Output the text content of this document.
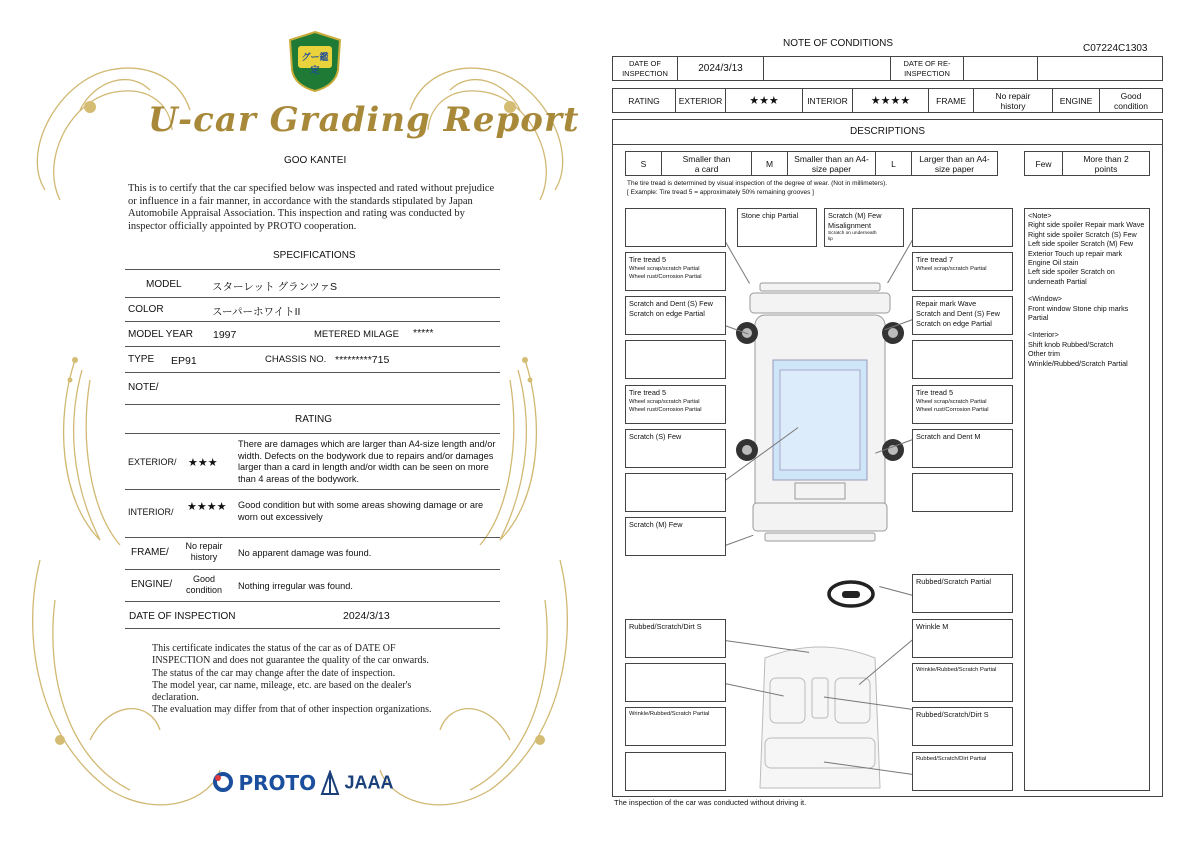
グー鑑定
U-car Grading Report
GOO KANTEI
This is to certify that the car specified below was inspected and rated without prejudice or influence in a fair manner, in accordance with the standards stipulated by Japan Automobile Appraisal Association. This inspection and rating was conducted by inspector officially appointed by PROTO cooperation.
SPECIFICATIONS
MODEL	スターレット グランツァS
COLOR	スーパーホワイトII
MODEL YEAR 1997	METERED MILAGE *****
TYPE EP91	CHASSIS NO. *********715
NOTE/
RATING
EXTERIOR/ ★★★
There are damages which are larger than A4-size length and/or width. Defects on the bodywork due to repairs and/or damages larger than a card in length and/or width can be seen on more than 4 areas of the bodywork.
INTERIOR/ ★★★★ Good condition but with some areas showing damage or are worn out excessively
FRAME/
No repair history	No apparent damage was found.
ENGINE/	Good condition	Nothing irregular was found.
DATE OF INSPECTION	2024/3/13
This certificate indicates the status of the car as of DATE OF
INSPECTION and does not guarantee the quality of the car onwards.
The status of the car may change after the date of inspection.
The model year, car name, mileage, etc. are based on the dealer's
declaration.
The evaluation may differ from that of other inspection organizations.
PROTO	JAAA
NOTE OF CONDITIONS	C07224C1303
DATE OF INSPECTION	2024/3/13	DATE OF RE-INSPECTION
RATING EXTERIOR ★★★	INTERIOR ★★★★	FRAME	No repair history	ENGINE	Good condition
DESCRIPTIONS
S	Smaller than a card	M	Smaller than an A4-size paper	L	Larger than an A4-size paper	Few	More than 2 points
The tire tread is determined by visual inspection of the degree of wear. (Not in millimeters).
[ Example: Tire tread 5 = approximately 50% remaining grooves ]
Tire tread 5
Wheel scrap/scratch Partial
Wheel rust/Corrosion Partial
Scratch and Dent (S) Few
Scratch on edge Partial
Tire tread 5
Wheel scrap/scratch Partial
Wheel rust/Corrosion Partial
Scratch (S) Few
Scratch (M) Few
Stone chip Partial	Scratch (M) Few
Misalignment
Scratch on underneath
lip
Tire tread 7
Wheel scrap/scratch Partial
Repair mark Wave
Scratch and Dent (S) Few
Scratch on edge Partial
Tire tread 5
Wheel scrap/scratch Partial
Wheel rust/Corrosion Partial
Scratch and Dent M
Rubbed/Scratch Partial
Rubbed/Scratch/Dirt S	Wrinkle M
Wrinkle/Rubbed/Scratch Partial
Wrinkle/Rubbed/Scratch Partial	Rubbed/Scratch/Dirt S
Rubbed/Scratch/Dirt Partial
<Note>
Right side spoiler Repair mark Wave
Right side spoiler Scratch (S) Few
Left side spoiler Scratch (M) Few
Exterior Touch up repair mark
Engine Oil stain
Left side spoiler Scratch on underneath Partial
<Window>
Front window Stone chip marks Partial
<Interior>
Shift knob Rubbed/Scratch
Other trim
Wrinkle/Rubbed/Scratch Partial
The inspection of the car was conducted without driving it.
